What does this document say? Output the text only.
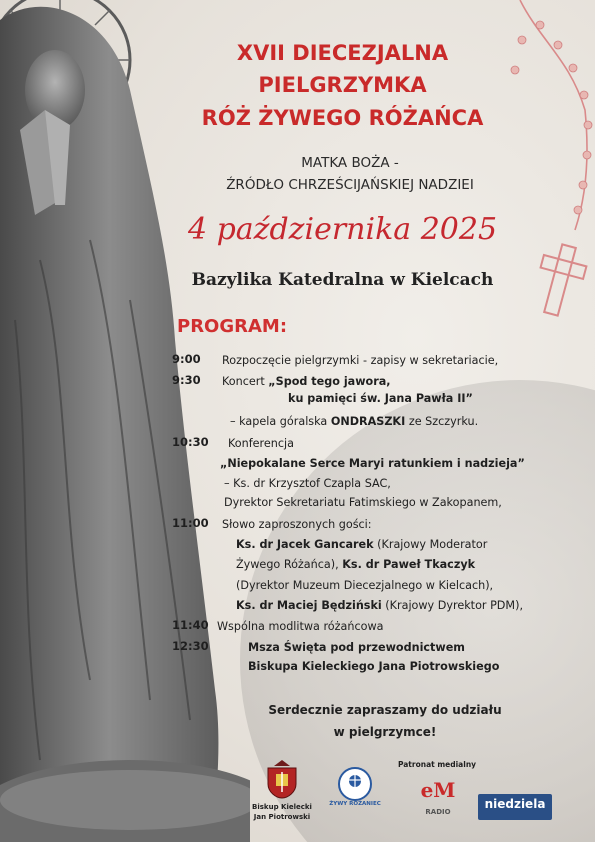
XVII DIECEZJALNA
PIELGRZYMKA
RÓŻ ŻYWEGO RÓŻAŃCA
MATKA BOŻA -
ŹRÓDŁO CHRZEŚCIJAŃSKIEJ NADZIEI
4 października 2025
Bazylika Katedralna w Kielcach
PROGRAM:
9:00 Rozpoczęcie pielgrzymki - zapisy w sekretariacie,
9:30 Koncert „Spod tego jawora,
ku pamięci św. Jana Pawła II”
– kapela góralska ONDRASZKI ze Szczyrku.
10:30 Konferencja
„Niepokalane Serce Maryi ratunkiem i nadzieja”
– Ks. dr Krzysztof Czapla SAC,
Dyrektor Sekretariatu Fatimskiego w Zakopanem,
11:00 Słowo zaproszonych gości:
Ks. dr Jacek Gancarek (Krajowy Moderator
Żywego Różańca), Ks. dr Paweł Tkaczyk
(Dyrektor Muzeum Diecezjalnego w Kielcach),
Ks. dr Maciej Będziński (Krajowy Dyrektor PDM),
11:40 Wspólna modlitwa różańcowa
12:30	Msza Święta pod przewodnictwem
Biskupa Kieleckiego Jana Piotrowskiego
Serdecznie zapraszamy do udziału
w pielgrzymce!
Biskup Kielecki
Jan Piotrowski
ŻYWY RÓŻANIEC
Patronat medialny
eM
RADIO
niedziela
